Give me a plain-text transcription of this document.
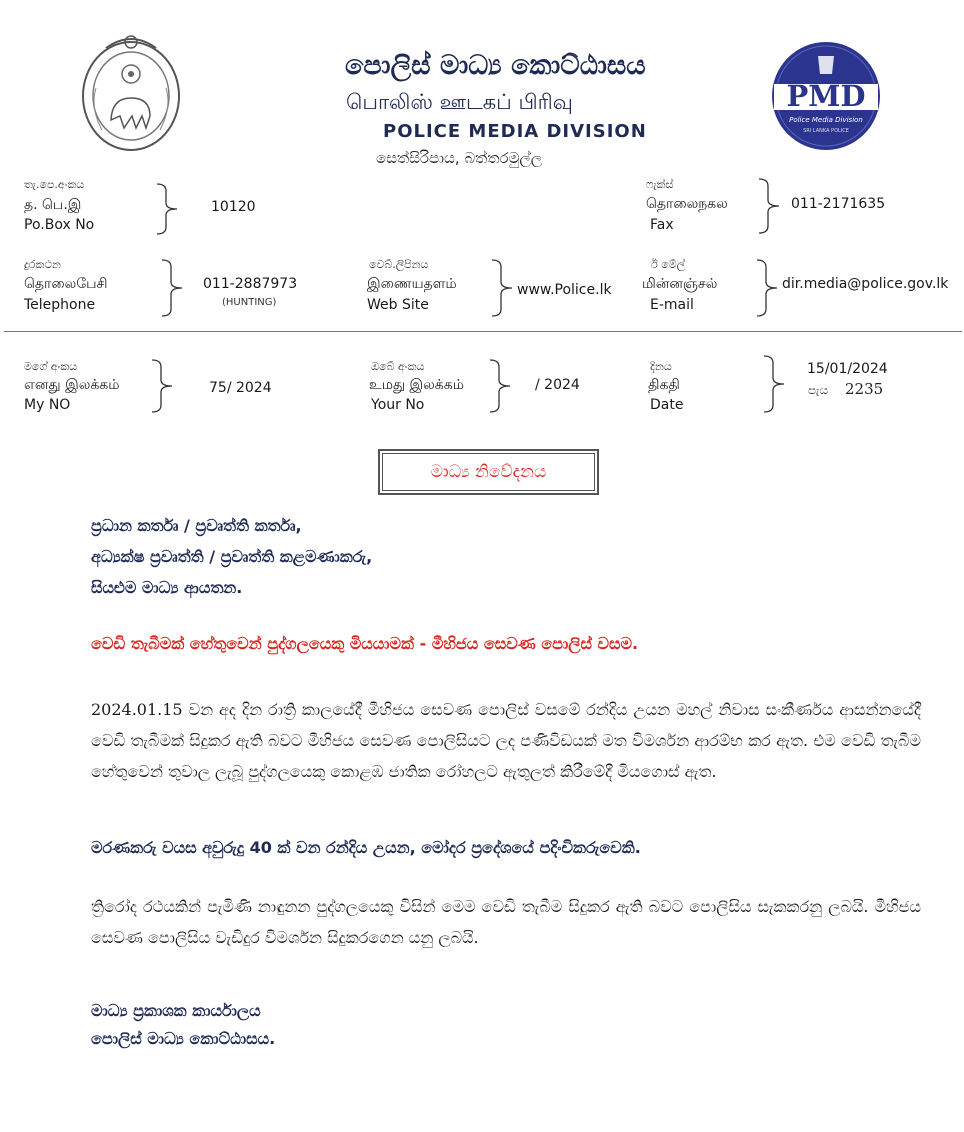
පොලිස් මාධ්‍ය කොට්ඨාසය
பொலிஸ் ஊடகப் பிரிவு
POLICE MEDIA DIVISION
සෙත්සිරිපාය, බත්තරමුල්ල
PMD
Police Media Division
SRI LANKA POLICE
තැ.පෙ.අංකය
த. பெ.இ
Po.Box No
10120
ෆැක්ස්
தொலைநகல
Fax
011-2171635
දුරකථන
தொலைபேசி
Telephone
011-2887973
(HUNTING)
වෙබ්.ලිපිනය
இணையதளம்
Web Site
www.Police.lk
ඊ මේල්
மின்னஞ்சல்
E-mail
dir.media@police.gov.lk
මගේ අංකය
எனது இலக்கம்
My NO
75/ 2024
ඔබේ අංකය
உமது இலக்கம்
Your No
/ 2024
දිනය
திகதி
Date
15/01/2024
පැය 2235
මාධ්‍ය නිවේදනය
ප්‍රධාන කර්තෘ / ප්‍රවෘත්ති කර්තෘ,
අධ්‍යක්ෂ ප්‍රවෘත්ති / ප්‍රවෘත්ති කළමණාකරු,
සියළුම මාධ්‍ය ආයතන.
වෙඩි තැබීමක් හේතුවෙන් පුද්ගලයෙකු මියයාමක් - මීහිජය සෙවණ පොලිස් වසම.
2024.01.15 වන අද දින රාත්‍රි කාලයේදී මීහිජය සෙවණ පොලිස් වසමේ රන්දිය උයන මහල් නිවාස සංකීර්ණය ආසන්නයේදී වෙඩි තැබීමක් සිදුකර ඇති බවට මීහිජය සෙවණ පොලිසියට ලද පණිවිඩයක් මත විමර්ශන ආරම්භ කර ඇත. එම වෙඩි තැබීම හේතුවෙන් තුවාල ලැබූ පුද්ගලයෙකු කොළඹ ජාතික රෝහලට ඇතුලත් කිරීමේදී මියගොස් ඇත.
මරණකරු වයස අවුරුදු 40 ක් වන රන්දිය උයන, මෝදර ප්‍රදේශයේ පදිංචිකරුවෙකි.
ත්‍රිරෝද රථයකින් පැමිණි නාඳුනන පුද්ගලයෙකු විසින් මෙම වෙඩි තැබීම සිදුකර ඇති බවට පොලිසිය සැකකරනු ලබයි. මීහිජය සෙවණ පොලිසිය වැඩිදුර විමර්ශන සිදුකරගෙන යනු ලබයි.
මාධ්‍ය ප්‍රකාශක කාර්යාලය
පොලිස් මාධ්‍ය කොට්ඨාසය.
